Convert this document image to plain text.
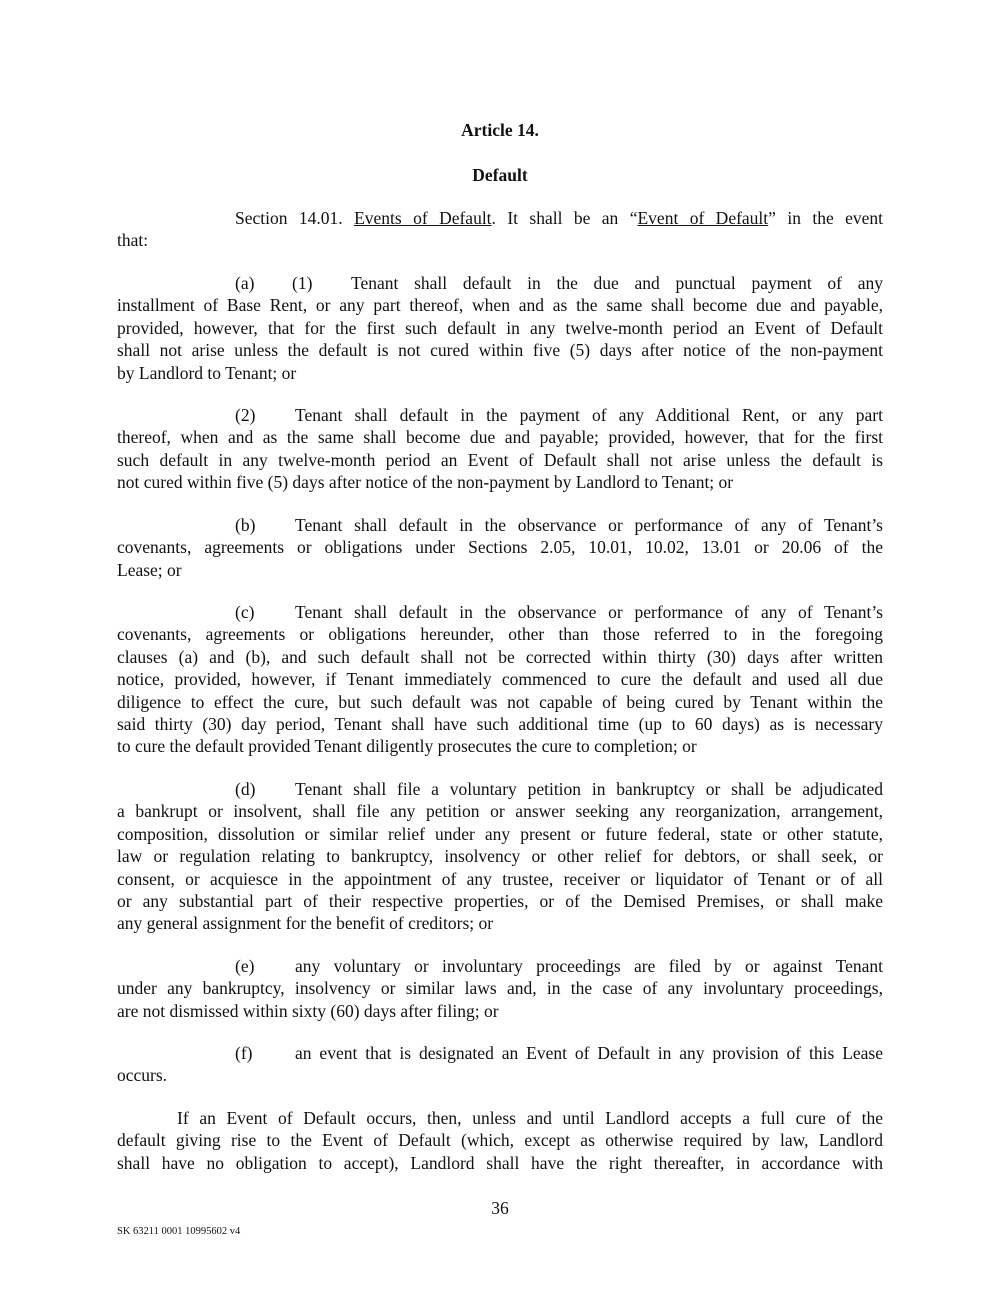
Article 14.
Default
Section 14.01. Events of Default. It shall be an “Event of Default” in the event
that:
(a) (1) Tenant shall default in the due and punctual payment of any
installment of Base Rent, or any part thereof, when and as the same shall become due and payable,
provided, however, that for the first such default in any twelve-month period an Event of Default
shall not arise unless the default is not cured within five (5) days after notice of the non-payment
by Landlord to Tenant; or
(2) Tenant shall default in the payment of any Additional Rent, or any part
thereof, when and as the same shall become due and payable; provided, however, that for the first
such default in any twelve-month period an Event of Default shall not arise unless the default is
not cured within five (5) days after notice of the non-payment by Landlord to Tenant; or
(b) Tenant shall default in the observance or performance of any of Tenant’s
covenants, agreements or obligations under Sections 2.05, 10.01, 10.02, 13.01 or 20.06 of the
Lease; or
(c) Tenant shall default in the observance or performance of any of Tenant’s
covenants, agreements or obligations hereunder, other than those referred to in the foregoing
clauses (a) and (b), and such default shall not be corrected within thirty (30) days after written
notice, provided, however, if Tenant immediately commenced to cure the default and used all due
diligence to effect the cure, but such default was not capable of being cured by Tenant within the
said thirty (30) day period, Tenant shall have such additional time (up to 60 days) as is necessary
to cure the default provided Tenant diligently prosecutes the cure to completion; or
(d) Tenant shall file a voluntary petition in bankruptcy or shall be adjudicated
a bankrupt or insolvent, shall file any petition or answer seeking any reorganization, arrangement,
composition, dissolution or similar relief under any present or future federal, state or other statute,
law or regulation relating to bankruptcy, insolvency or other relief for debtors, or shall seek, or
consent, or acquiesce in the appointment of any trustee, receiver or liquidator of Tenant or of all
or any substantial part of their respective properties, or of the Demised Premises, or shall make
any general assignment for the benefit of creditors; or
(e) any voluntary or involuntary proceedings are filed by or against Tenant
under any bankruptcy, insolvency or similar laws and, in the case of any involuntary proceedings,
are not dismissed within sixty (60) days after filing; or
(f) an event that is designated an Event of Default in any provision of this Lease
occurs.
If an Event of Default occurs, then, unless and until Landlord accepts a full cure of the
default giving rise to the Event of Default (which, except as otherwise required by law, Landlord
shall have no obligation to accept), Landlord shall have the right thereafter, in accordance with
36
SK 63211 0001 10995602 v4
